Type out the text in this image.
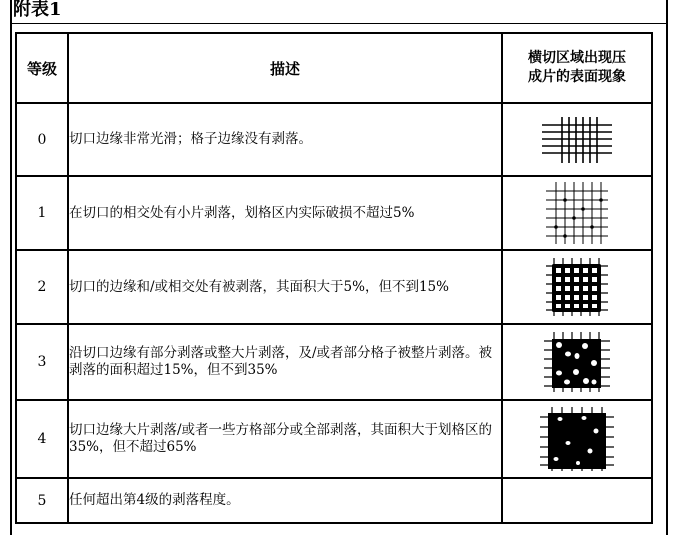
附表1
等级	描述	横切区域出现压
成片的表面现象

0	切口边缘非常光滑；格子边缘没有剥落。	

1	在切口的相交处有小片剥落，划格区内实际破损不超过5%	

2	切口的边缘和/或相交处有被剥落，其面积大于5%，但不到15%	

3	沿切口边缘有部分剥落或整大片剥落，及/或者部分格子被整片剥落。被剥落的面积超过15%，但不到35%	

4	切口边缘大片剥落/或者一些方格部分或全部剥落，其面积大于划格区的35%，但不超过65%	

5	任何超出第4级的剥落程度。	
